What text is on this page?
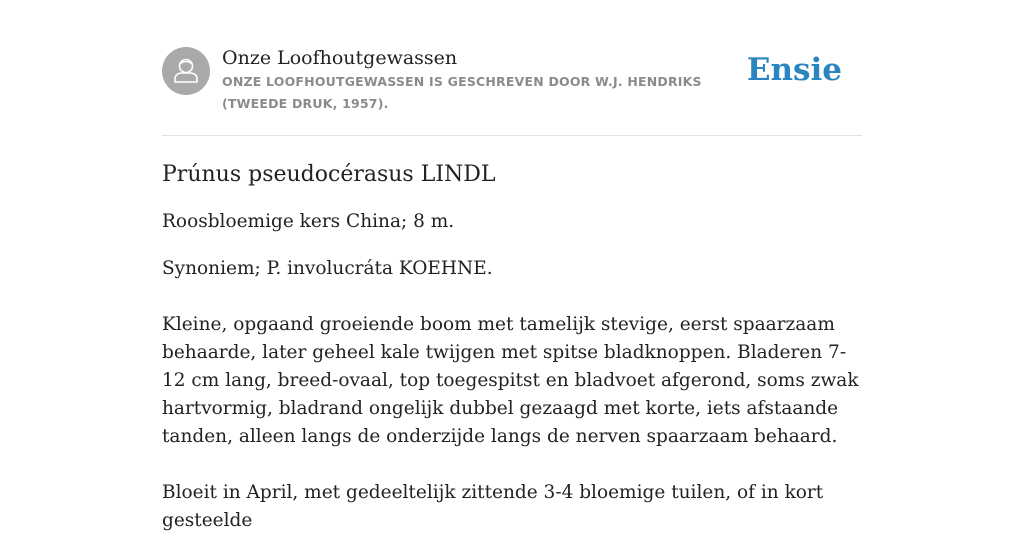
Onze Loofhoutgewassen
ONZE LOOFHOUTGEWASSEN IS GESCHREVEN DOOR W.J. HENDRIKS (TWEEDE DRUK, 1957).
Ensie
Prúnus pseudocérasus LINDL

Roosbloemige kers China; 8 m.

Synoniem; P. involucráta KOEHNE.

Kleine, opgaand groeiende boom met tamelijk stevige, eerst spaarzaam behaarde, later geheel kale twijgen met spitse bladknoppen. Bladeren 7-12 cm lang, breed-ovaal, top toegespitst en bladvoet afgerond, soms zwak hartvormig, bladrand ongelijk dubbel gezaagd met korte, iets afstaande tanden, alleen langs de onderzijde langs de nerven spaarzaam behaard.

Bloeit in April, met gedeeltelijk zittende 3-4 bloemige tuilen, of in kort gesteelde
